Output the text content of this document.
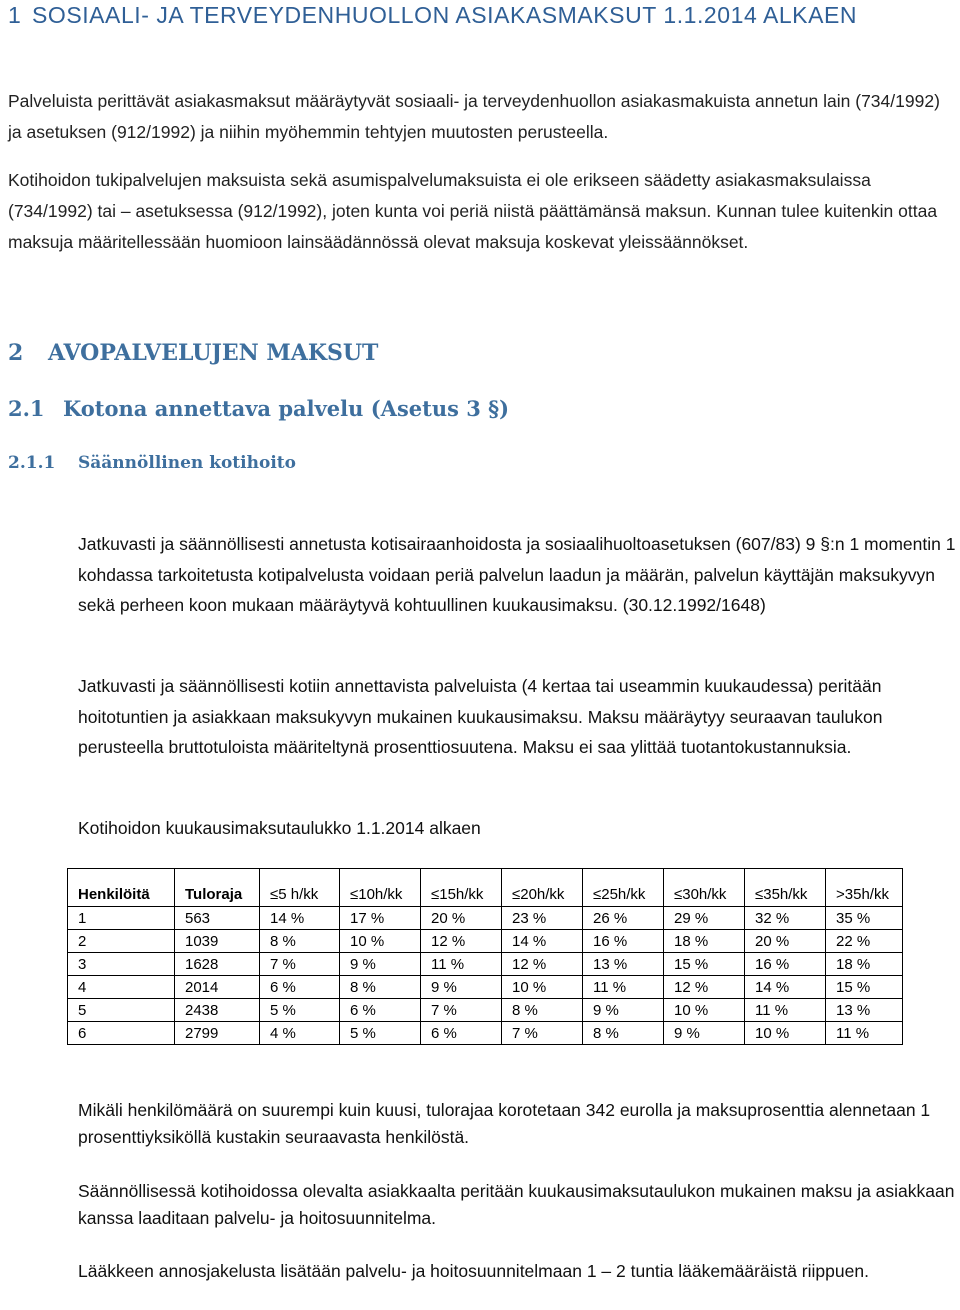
1 SOSIAALI- JA TERVEYDENHUOLLON ASIAKASMAKSUT 1.1.2014 ALKAEN
Palveluista perittävät asiakasmaksut määräytyvät sosiaali- ja terveydenhuollon asiakasmakuista annetun lain (734/1992) ja asetuksen (912/1992) ja niihin myöhemmin tehtyjen muutosten perusteella.
Kotihoidon tukipalvelujen maksuista sekä asumispalvelumaksuista ei ole erikseen säädetty asiakasmaksulaissa (734/1992) tai – asetuksessa (912/1992), joten kunta voi periä niistä päättämänsä maksun. Kunnan tulee kuitenkin ottaa maksuja määritellessään huomioon lainsäädännössä olevat maksuja koskevat yleissäännökset.
2 AVOPALVELUJEN MAKSUT
2.1 Kotona annettava palvelu (Asetus 3 §)
2.1.1 Säännöllinen kotihoito
Jatkuvasti ja säännöllisesti annetusta kotisairaanhoidosta ja sosiaalihuoltoasetuksen (607/83) 9 §:n 1 momentin 1 kohdassa tarkoitetusta kotipalvelusta voidaan periä palvelun laadun ja määrän, palvelun käyttäjän maksukyvyn sekä perheen koon mukaan määräytyvä kohtuullinen kuukausimaksu. (30.12.1992/1648)
Jatkuvasti ja säännöllisesti kotiin annettavista palveluista (4 kertaa tai useammin kuukaudessa) peritään hoitotuntien ja asiakkaan maksukyvyn mukainen kuukausimaksu. Maksu määräytyy seuraavan taulukon perusteella bruttotuloista määriteltynä prosenttiosuutena. Maksu ei saa ylittää tuotantokustannuksia.
Kotihoidon kuukausimaksutaulukko 1.1.2014 alkaen
Henkilöitä	Tuloraja	≤5 h/kk	≤10h/kk	≤15h/kk	≤20h/kk	≤25h/kk	≤30h/kk	≤35h/kk	>35h/kk
1	563	14 %	17 %	20 %	23 %	26 %	29 %	32 %	35 %
2	1039	8 %	10 %	12 %	14 %	16 %	18 %	20 %	22 %
3	1628	7 %	9 %	11 %	12 %	13 %	15 %	16 %	18 %
4	2014	6 %	8 %	9 %	10 %	11 %	12 %	14 %	15 %
5	2438	5 %	6 %	7 %	8 %	9 %	10 %	11 %	13 %
6	2799	4 %	5 %	6 %	7 %	8 %	9 %	10 %	11 %
Mikäli henkilömäärä on suurempi kuin kuusi, tulorajaa korotetaan 342 eurolla ja maksuprosenttia alennetaan 1 prosenttiyksiköllä kustakin seuraavasta henkilöstä.
Säännöllisessä kotihoidossa olevalta asiakkaalta peritään kuukausimaksutaulukon mukainen maksu ja asiakkaan kanssa laaditaan palvelu- ja hoitosuunnitelma.
Lääkkeen annosjakelusta lisätään palvelu- ja hoitosuunnitelmaan 1 – 2 tuntia lääkemääräistä riippuen.
